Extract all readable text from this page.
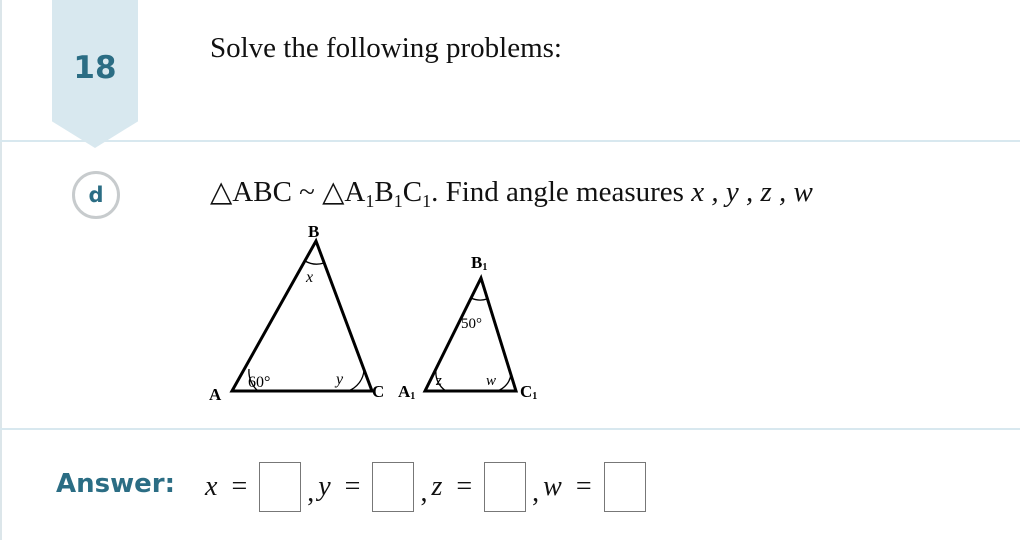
18
Solve the following problems:
d	△ABC ~ $\triangle A_1B_1C_1$. Find angle measures x , y , z , w
A
B
C
60°
x
y
A1
B1
C1
z
50°
w
Answer: x = , y = , z = , w =
